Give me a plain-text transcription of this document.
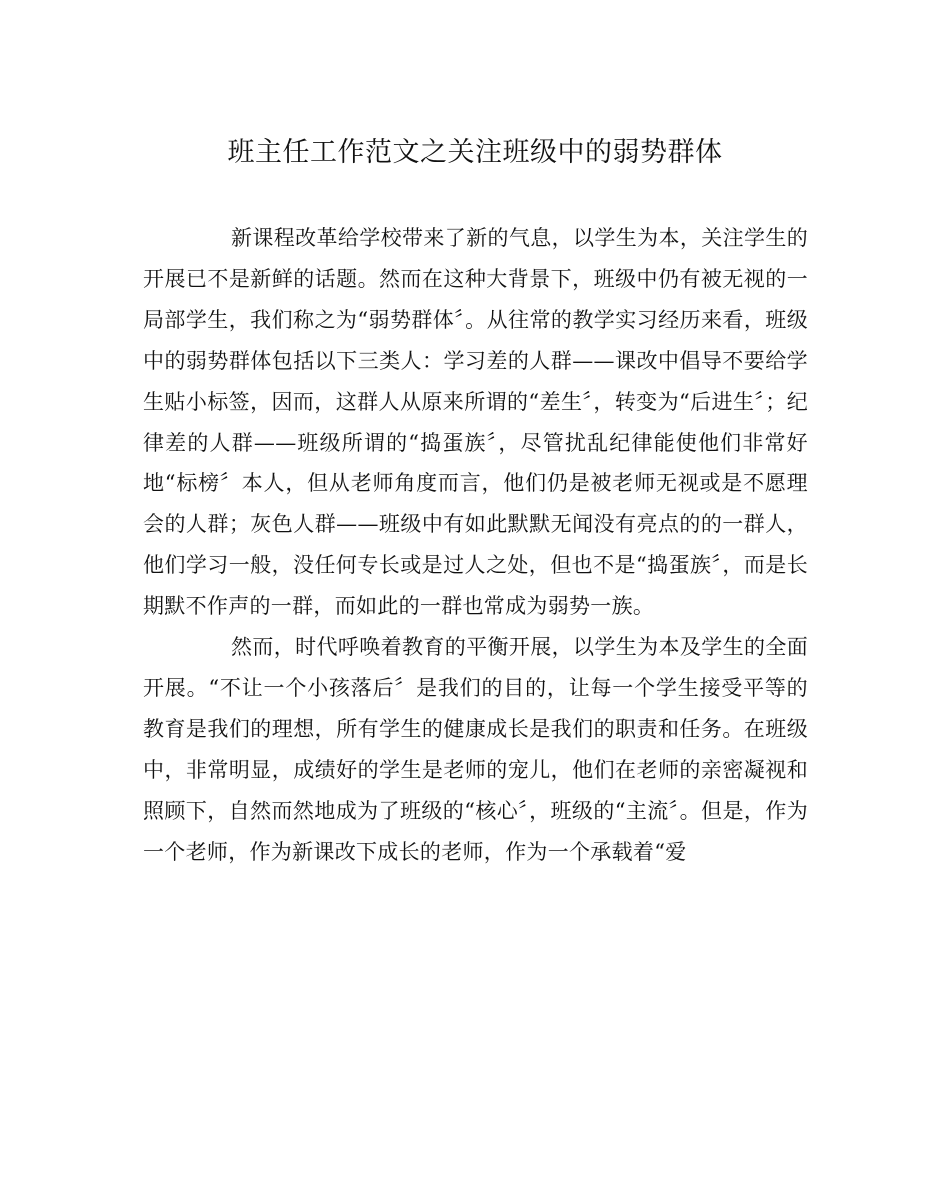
班主任工作范文之关注班级中的弱势群体

新课程改革给学校带来了新的气息，以学生为本，关注学生的开展已不是新鲜的话题。然而在这种大背景下，班级中仍有被无视的一局部学生，我们称之为“弱势群体〞。从往常的教学实习经历来看，班级中的弱势群体包括以下三类人：学习差的人群——课改中倡导不要给学生贴小标签，因而，这群人从原来所谓的“差生〞，转变为“后进生〞；纪律差的人群——班级所谓的“捣蛋族〞，尽管扰乱纪律能使他们非常好地“标榜〞本人，但从老师角度而言，他们仍是被老师无视或是不愿理会的人群；灰色人群——班级中有如此默默无闻没有亮点的的一群人，他们学习一般，没任何专长或是过人之处，但也不是“捣蛋族〞，而是长期默不作声的一群，而如此的一群也常成为弱势一族。

然而，时代呼唤着教育的平衡开展，以学生为本及学生的全面开展。“不让一个小孩落后〞是我们的目的，让每一个学生接受平等的教育是我们的理想，所有学生的健康成长是我们的职责和任务。在班级中，非常明显，成绩好的学生是老师的宠儿，他们在老师的亲密凝视和照顾下，自然而然地成为了班级的“核心〞，班级的“主流〞。但是，作为一个老师，作为新课改下成长的老师，作为一个承载着“爱
